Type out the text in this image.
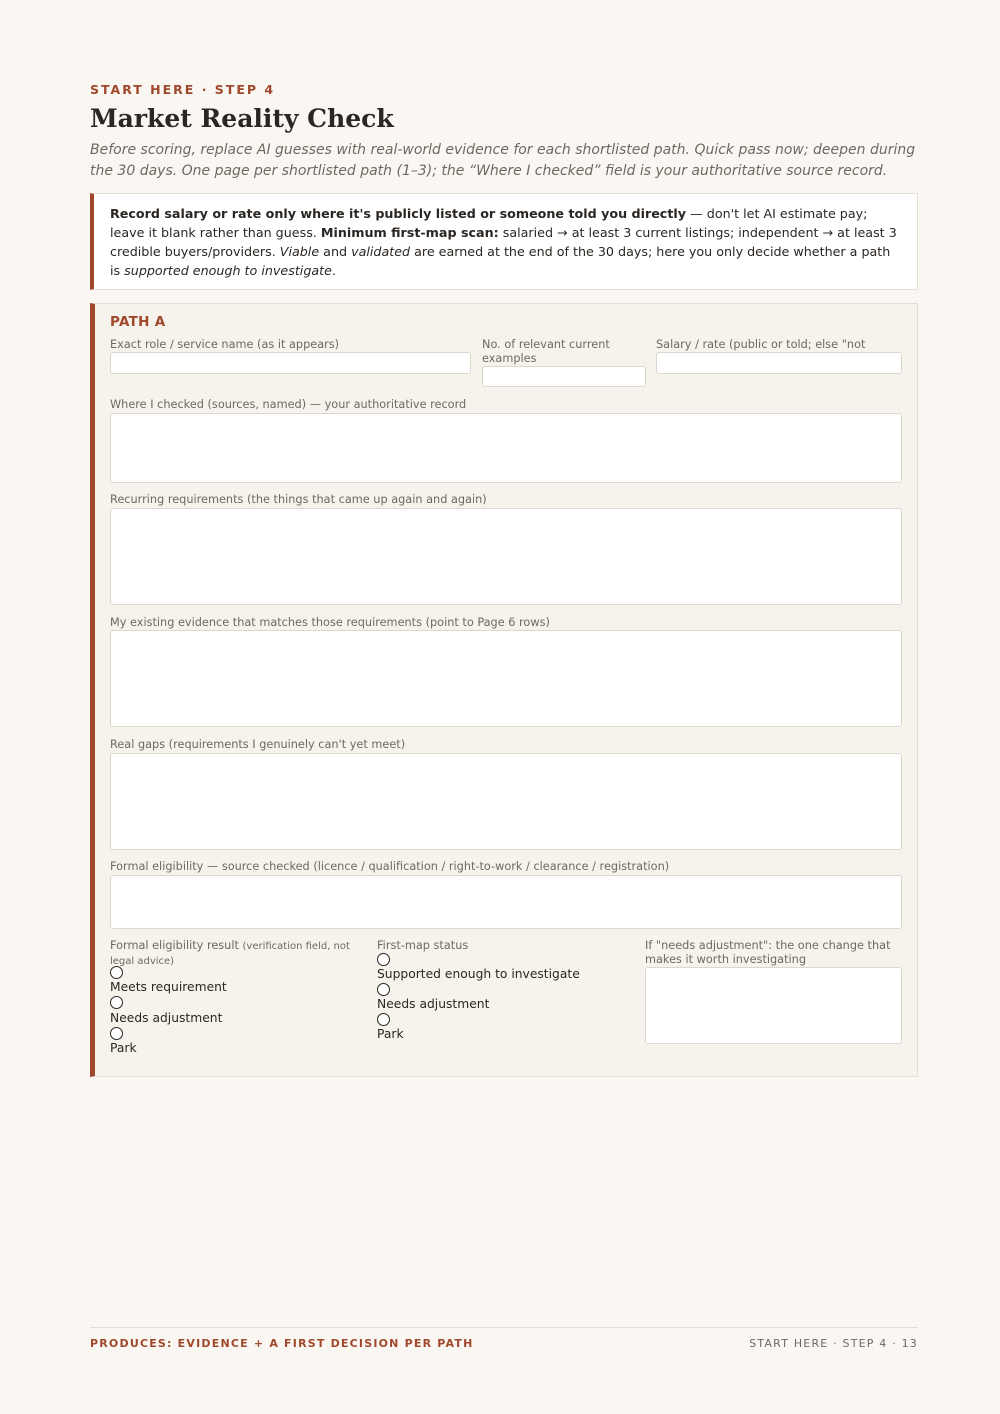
START HERE · STEP 4
Market Reality Check

Before scoring, replace AI guesses with real-world evidence for each shortlisted path. Quick pass now; deepen during the 30 days. One page per shortlisted path (1–3); the “Where I checked” field is your authoritative source record.

Record salary or rate only where it's publicly listed or someone told you directly — don't let AI estimate pay; leave it blank rather than guess. Minimum first-map scan: salaried → at least 3 current listings; independent → at least 3 credible buyers/providers. Viable and validated are earned at the end of the 30 days; here you only decide whether a path is supported enough to investigate.
PATH A
Exact role / service name (as it appears)	No. of relevant current examples
Salary / rate (public or told; else "not
Where I checked (sources, named) — your authoritative record
Recurring requirements (the things that came up again and again)
My existing evidence that matches those requirements (point to Page 6 rows)
Real gaps (requirements I genuinely can't yet meet)
Formal eligibility — source checked (licence / qualification / right-to-work / clearance / registration)
Formal eligibility result (verification field, not legal advice)
Meets requirement
Needs adjustment
Park
First-map status
Supported enough to investigate
Needs adjustment
Park
If "needs adjustment": the one change that makes it worth investigating
PRODUCES: EVIDENCE + A FIRST DECISION PER PATH	START HERE · STEP 4 · 13
